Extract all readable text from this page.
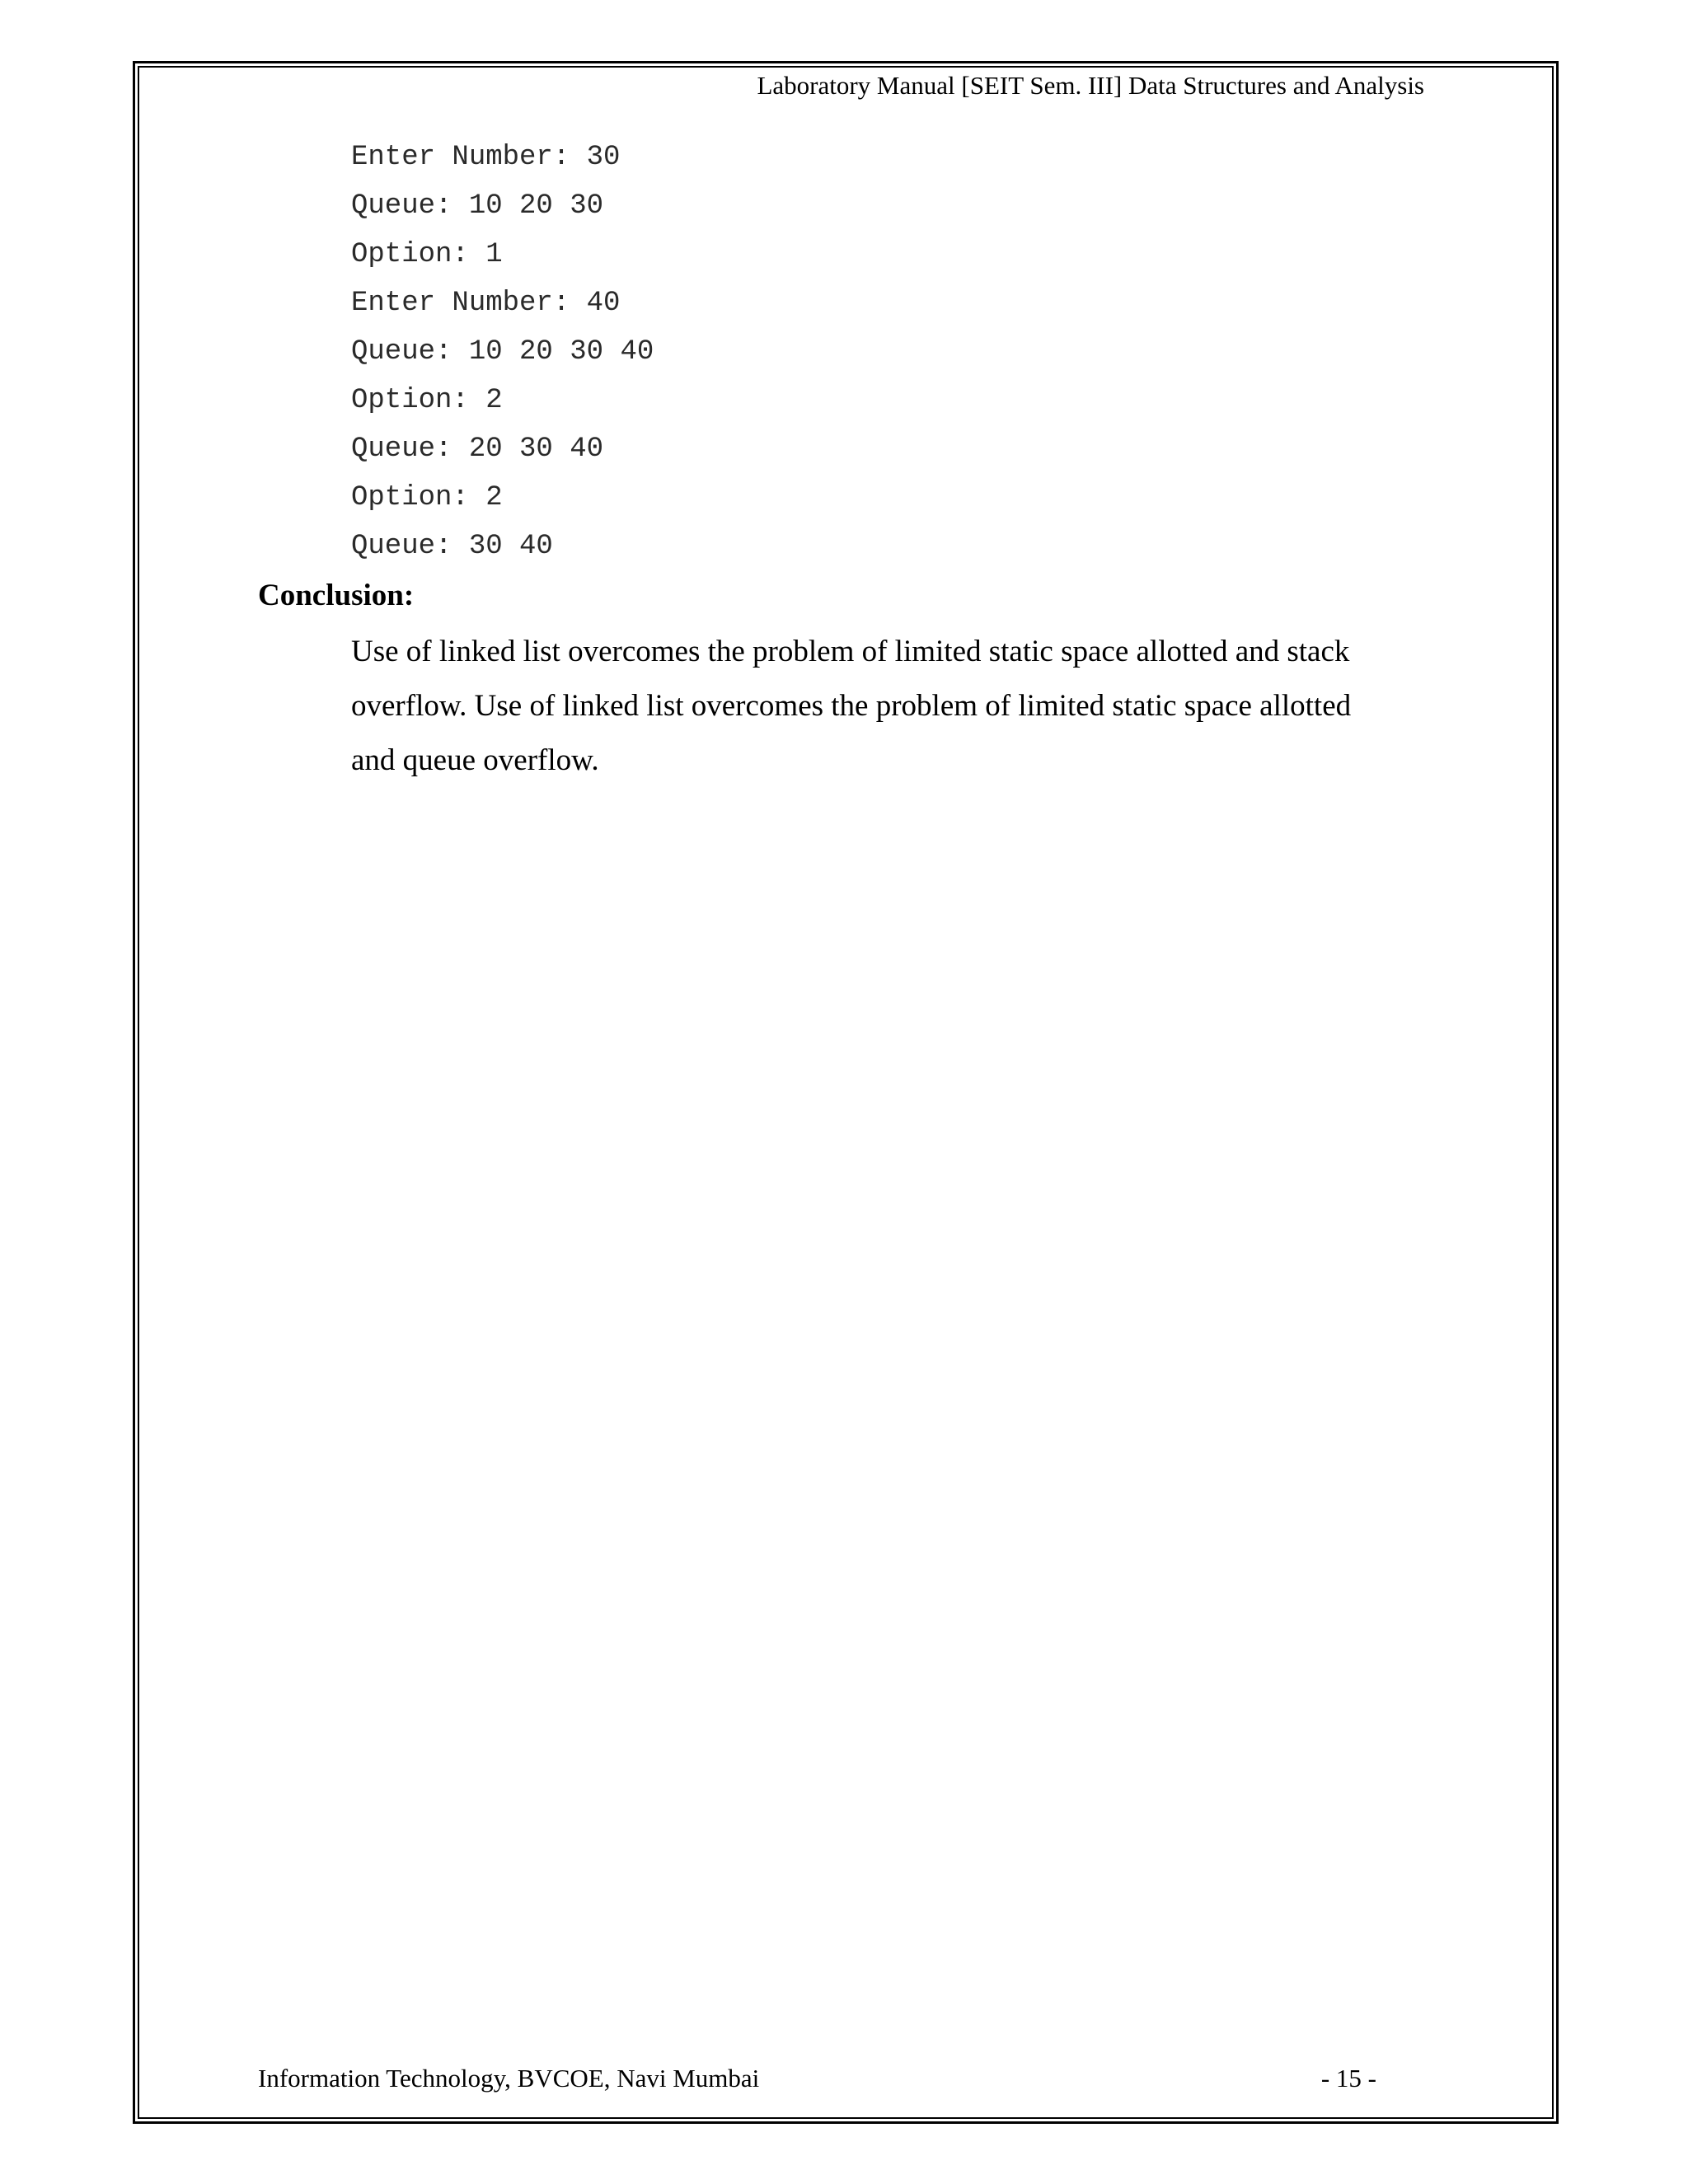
Laboratory Manual [SEIT Sem. III] Data Structures and Analysis
Enter Number: 30
Queue: 10 20 30
Option: 1
Enter Number: 40
Queue: 10 20 30 40
Option: 2
Queue: 20 30 40
Option: 2
Queue: 30 40
Conclusion:
Use of linked list overcomes the problem of limited static space allotted and stack overflow. Use of linked list overcomes the problem of limited static space allotted and queue overflow.
Information Technology, BVCOE, Navi Mumbai	- 15 -
